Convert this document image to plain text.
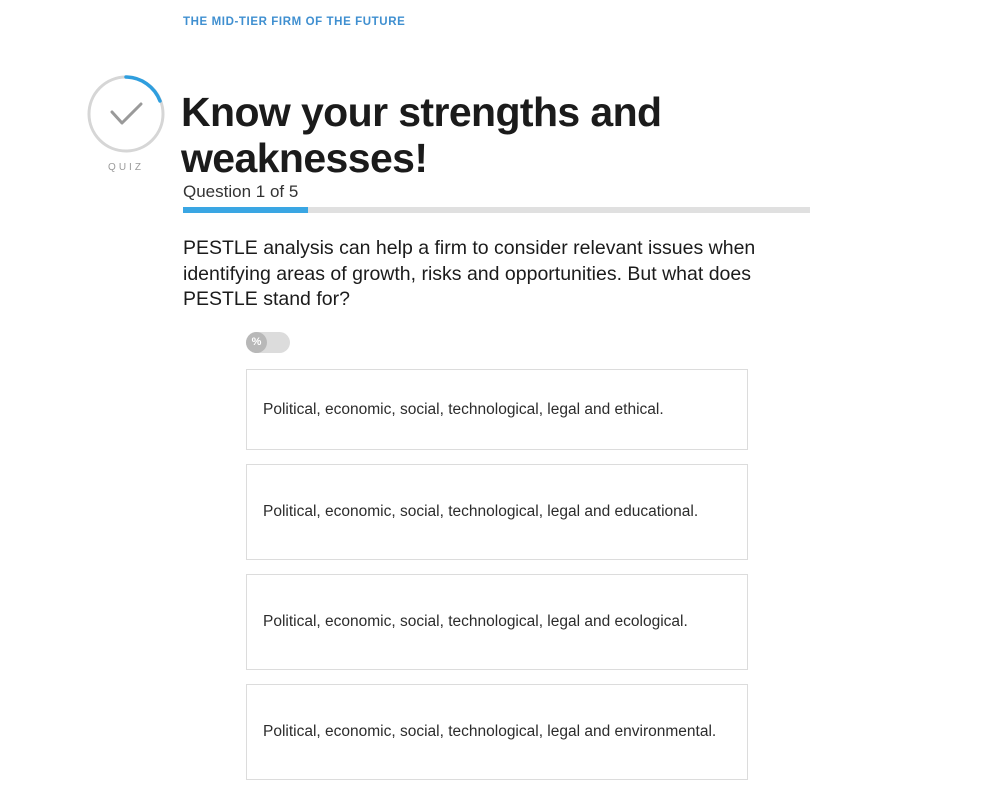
THE MID-TIER FIRM OF THE FUTURE
QUIZ
Know your strengths and weaknesses!
Question 1 of 5
PESTLE analysis can help a firm to consider relevant issues when identifying areas of growth, risks and opportunities. But what does PESTLE stand for?
%
Political, economic, social, technological, legal and ethical.
Political, economic, social, technological, legal and educational.
Political, economic, social, technological, legal and ecological.
Political, economic, social, technological, legal and environmental.
